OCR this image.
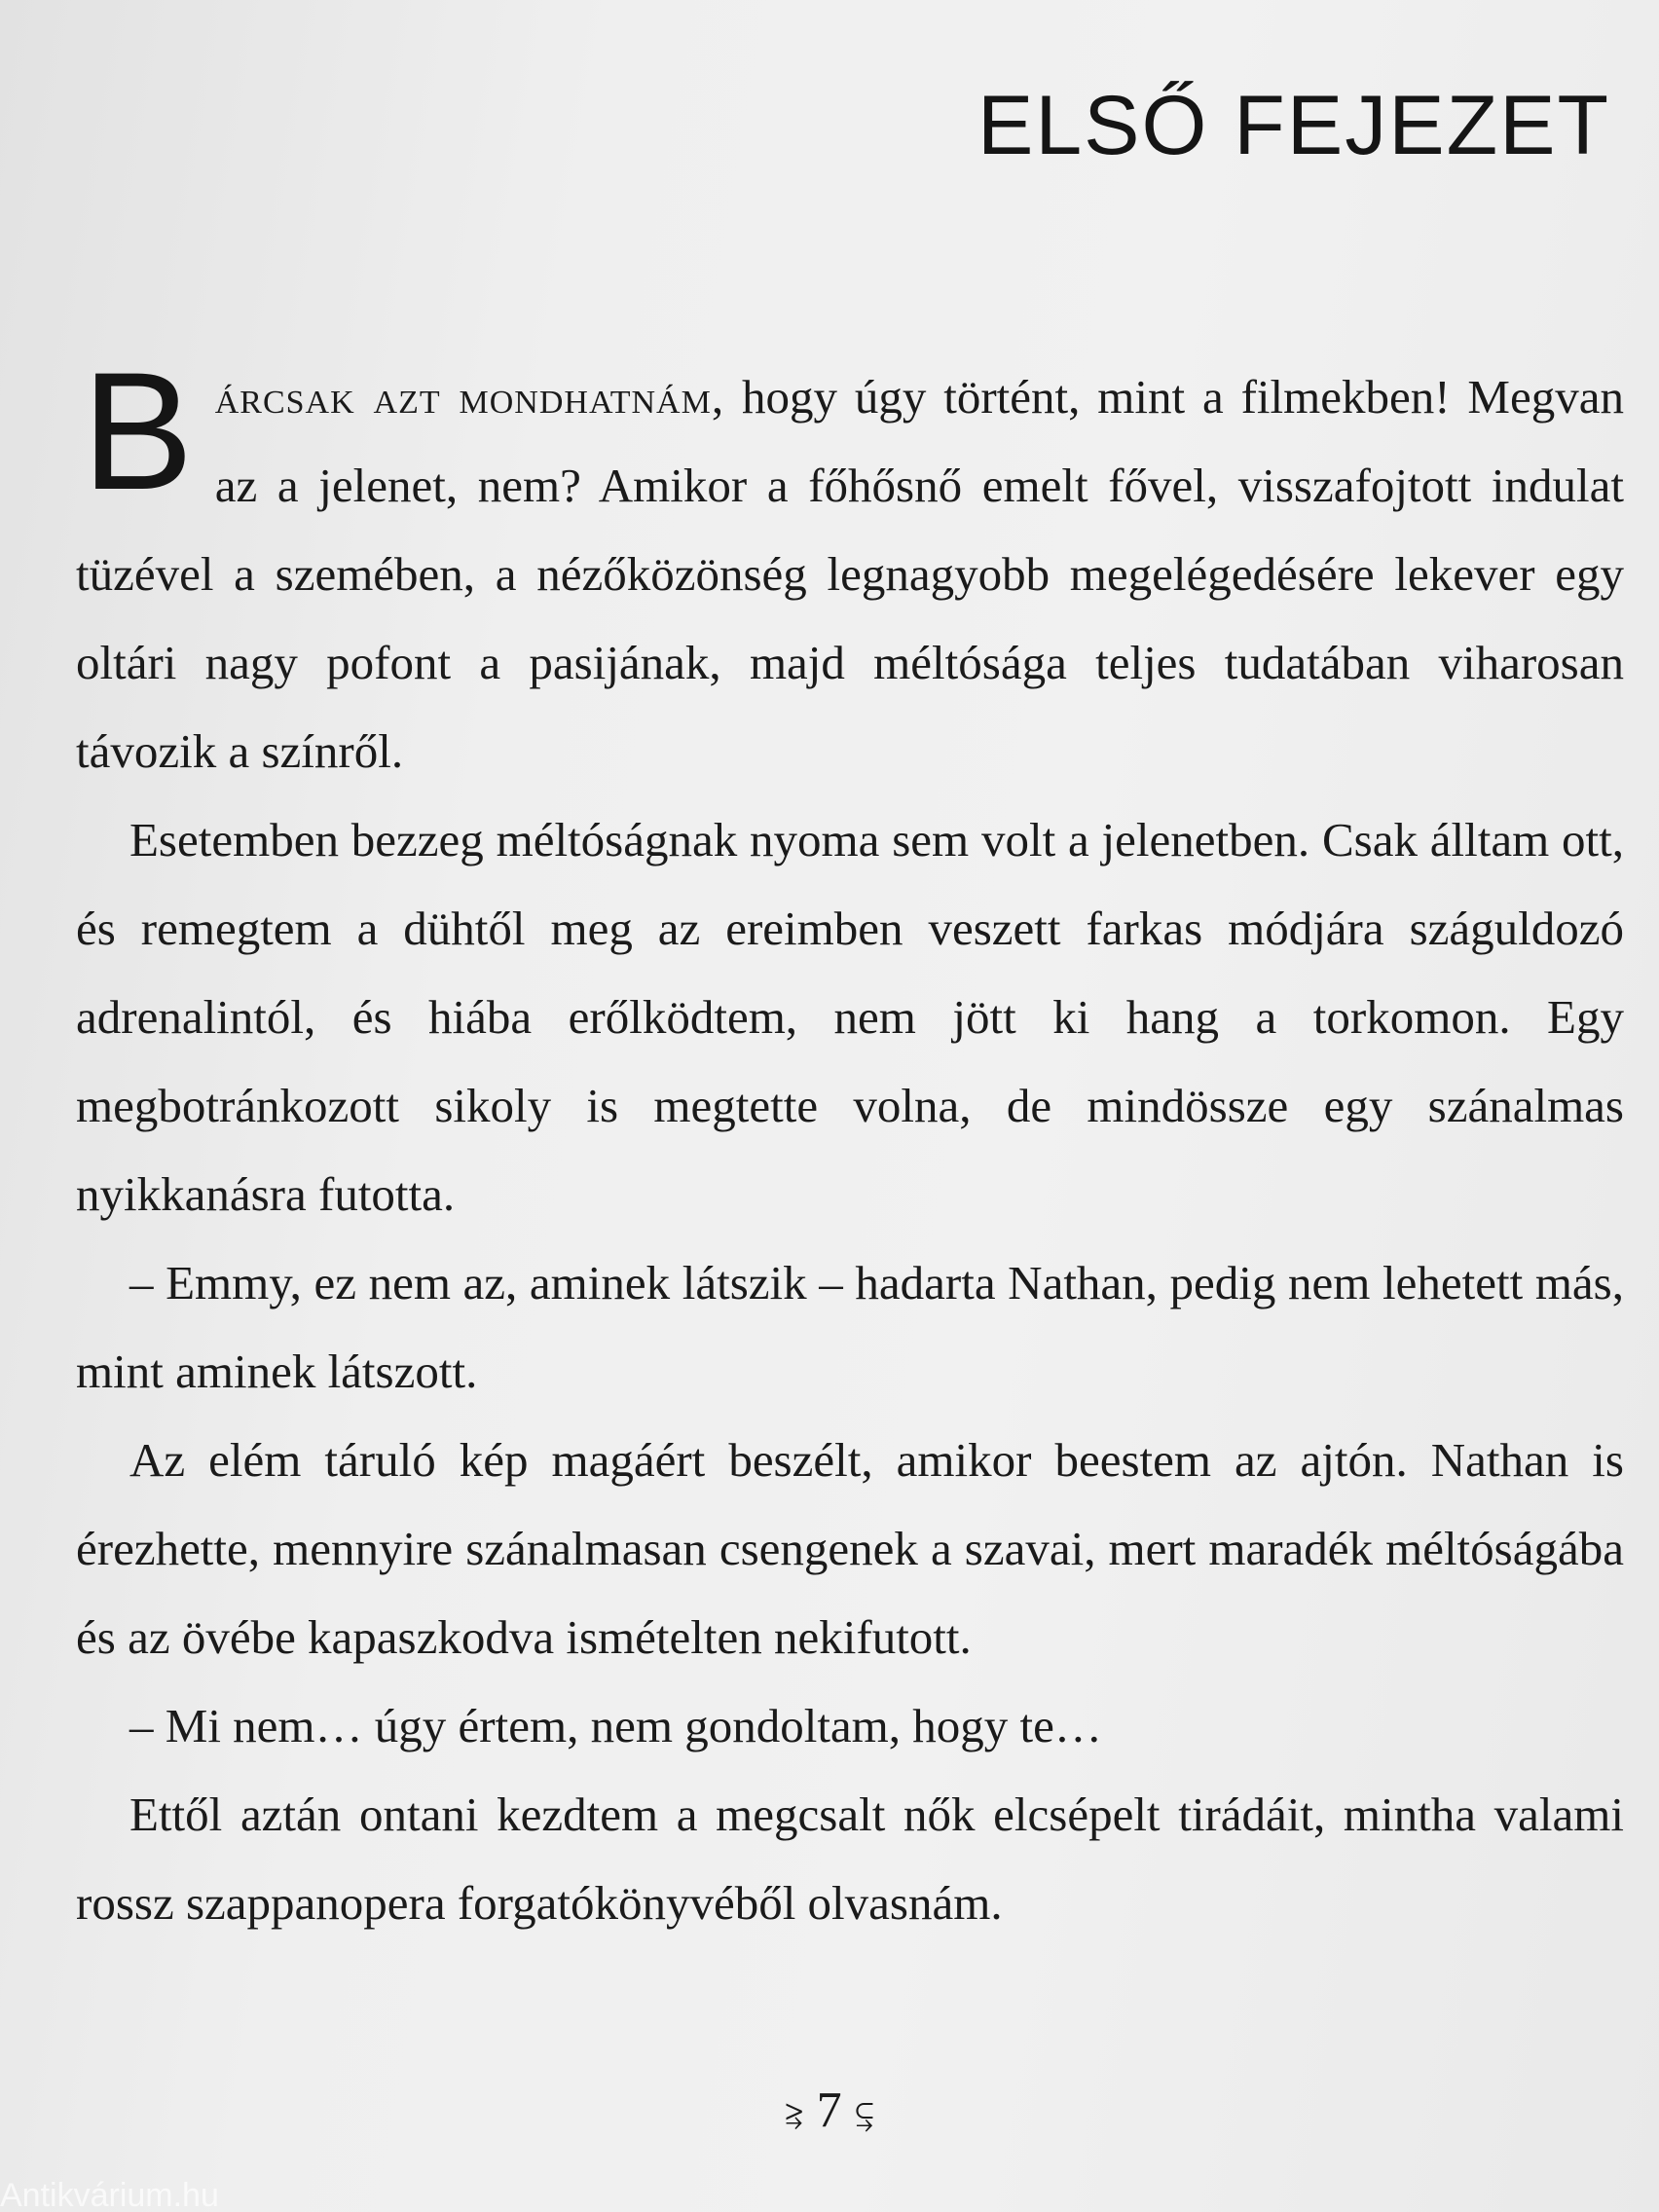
ELSŐ FEJEZET

Bárcsak azt mondhatnám, hogy úgy történt, mint a filmekben! Megvan az a jelenet, nem? Amikor a főhősnő emelt fővel, visszafojtott indulat tüzével a szemében, a nézőközönség legnagyobb megelégedésére lekever egy oltári nagy pofont a pasijának, majd méltósága teljes tudatában viharosan távozik a színről.

Esetemben bezzeg méltóságnak nyoma sem volt a jelenetben. Csak álltam ott, és remegtem a dühtől meg az ereimben veszett farkas módjára száguldozó adrenalintól, és hiába erőlködtem, nem jött ki hang a torkomon. Egy megbotránkozott sikoly is megtette volna, de mindössze egy szánalmas nyikkanásra futotta.

– Emmy, ez nem az, aminek látszik – hadarta Nathan, pedig nem lehetett más, mint aminek látszott.

Az elém táruló kép magáért beszélt, amikor beestem az ajtón. Nathan is érezhette, mennyire szánalmasan csengenek a szavai, mert maradék méltóságába és az övébe kapaszkodva ismételten nekifutott.

– Mi nem… úgy értem, nem gondoltam, hogy te…

Ettől aztán ontani kezdtem a megcsalt nők elcsépelt tirádáit, mintha valami rossz szappanopera forgatókönyvéből olvasnám.

⥸ 7 ⥹
Antikvárium.hu
